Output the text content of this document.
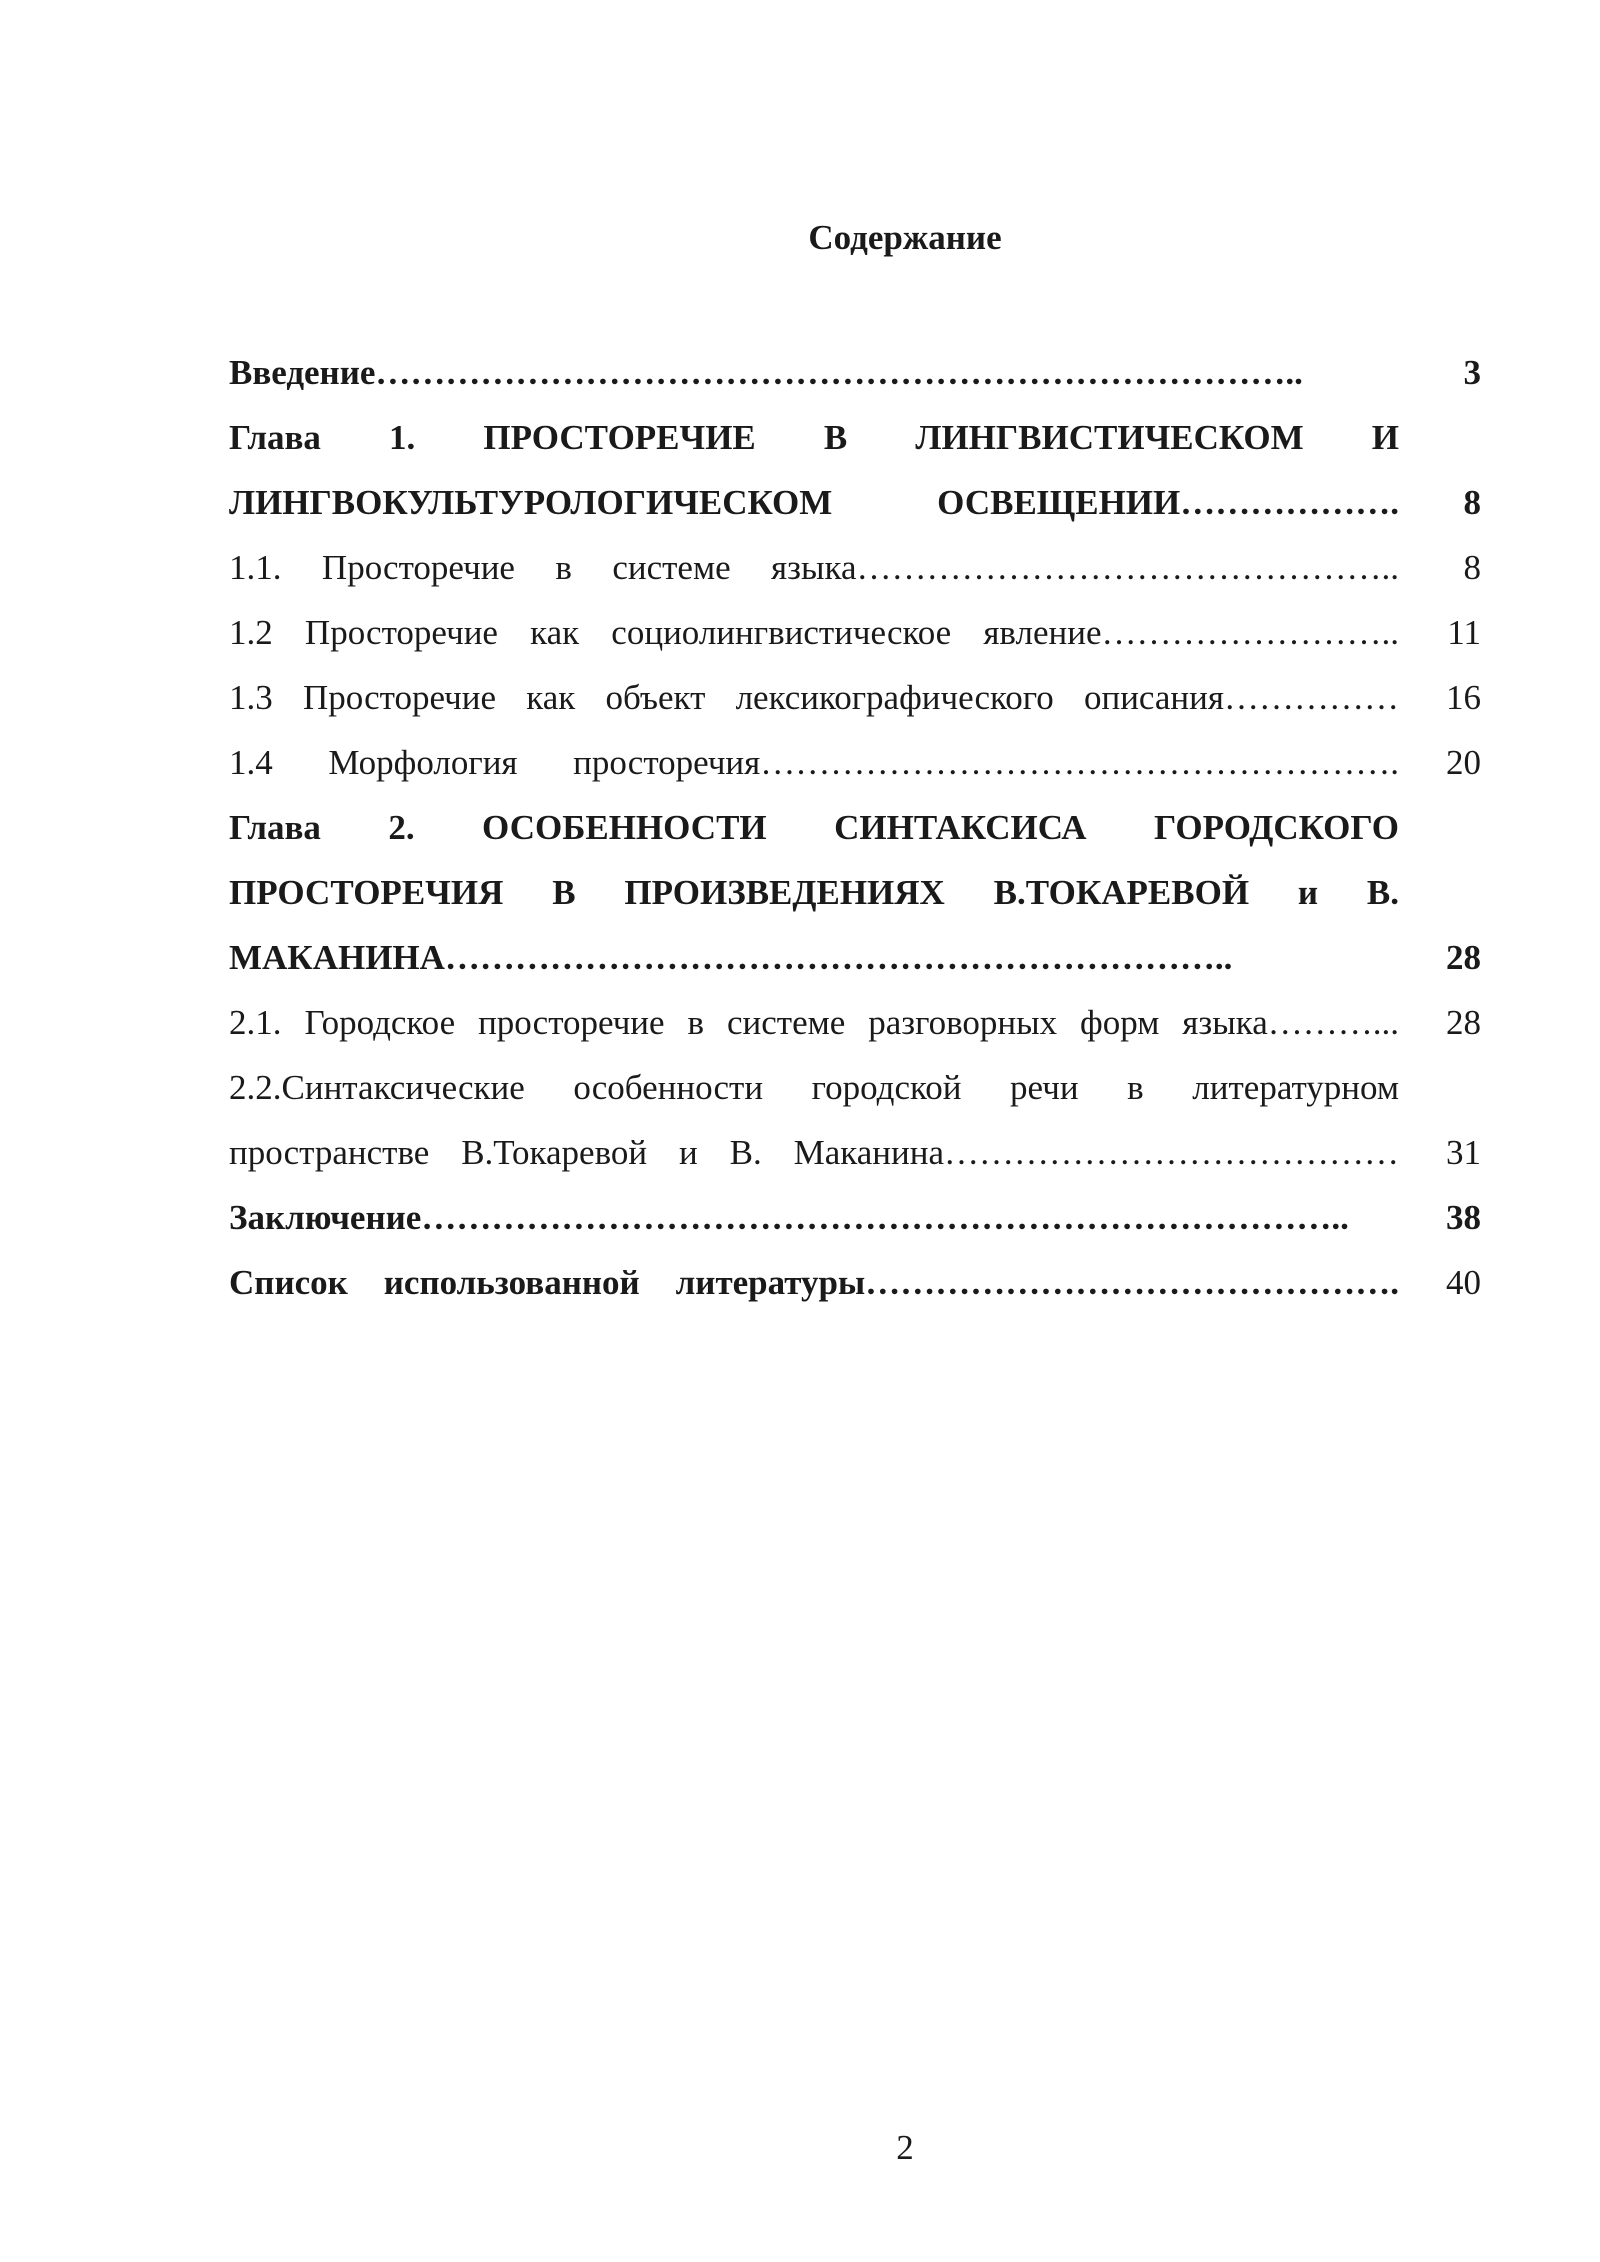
Содержание
Введение……………………………………………………………………..	3
Глава 1. ПРОСТОРЕЧИЕ В ЛИНГВИСТИЧЕСКОМ И
ЛИНГВОКУЛЬТУРОЛОГИЧЕСКОМ ОСВЕЩЕНИИ……………….	8
1.1. Просторечие в системе языка………………………………………..	8
1.2 Просторечие как социолингвистическое явление……………………..	11
1.3 Просторечие как объект лексикографического описания……………	16
1.4 Морфология просторечия……………………………………………….	20
Глава 2. ОСОБЕННОСТИ СИНТАКСИСА ГОРОДСКОГО
ПРОСТОРЕЧИЯ В ПРОИЗВЕДЕНИЯХ В.ТОКАРЕВОЙ и В.
МАКАНИНА…………………………………………………………..	28
2.1. Городское просторечие в системе разговорных форм языка………...	28
2.2.Синтаксические особенности городской речи в литературном
пространстве В.Токаревой и В. Маканина…………………………………	31
Заключение……………………………………………………………………..	38
Список использованной литературы……………………………………….	40
2
